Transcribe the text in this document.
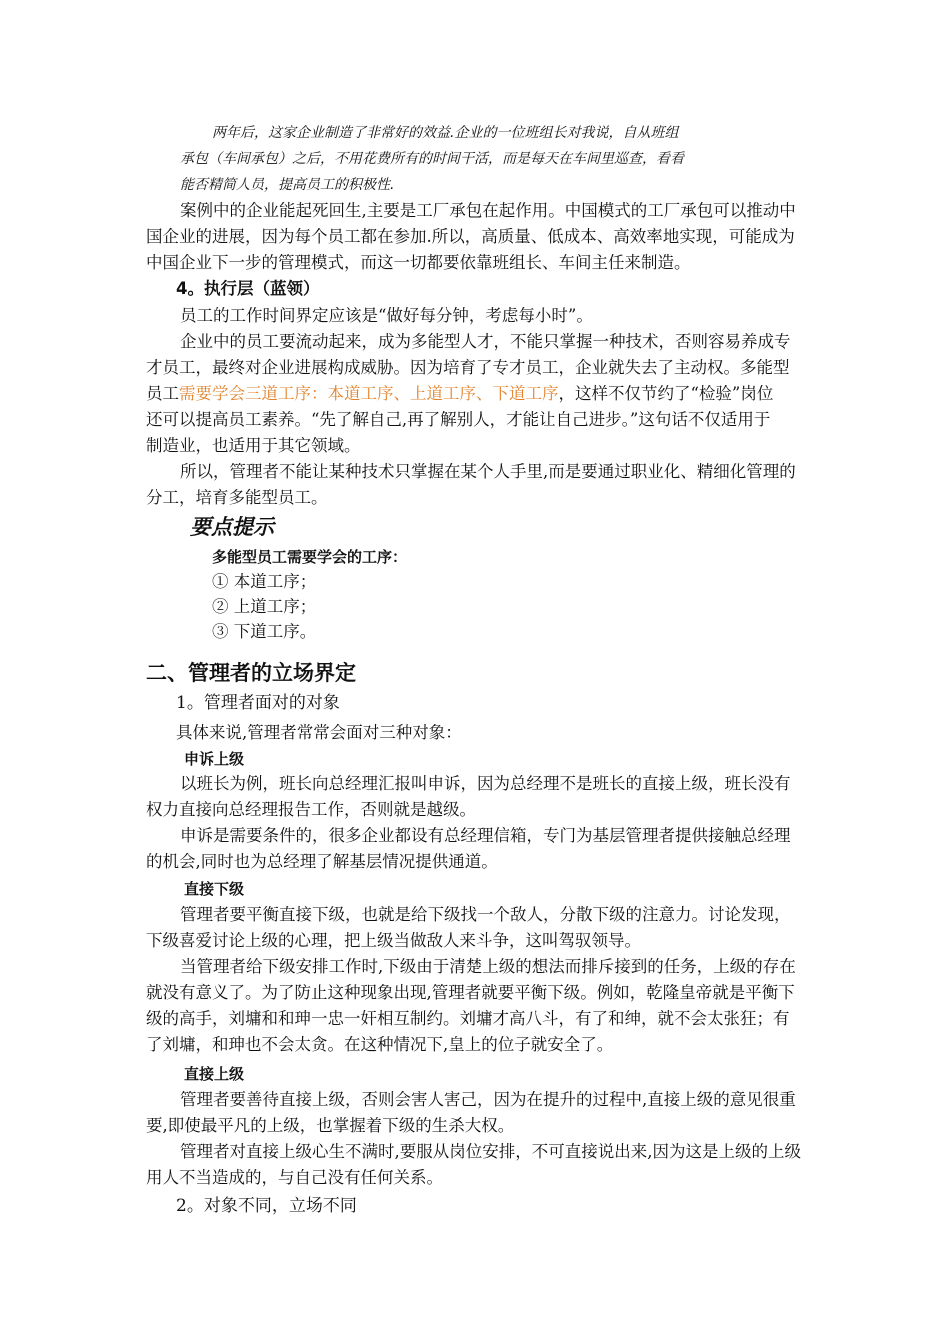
两年后，这家企业制造了非常好的效益.企业的一位班组长对我说，自从班组
承包（车间承包）之后，不用花费所有的时间干活，而是每天在车间里巡查，看看
能否精简人员，提高员工的积极性.
案例中的企业能起死回生,主要是工厂承包在起作用。中国模式的工厂承包可以推动中
国企业的进展，因为每个员工都在参加.所以，高质量、低成本、高效率地实现，可能成为
中国企业下一步的管理模式，而这一切都要依靠班组长、车间主任来制造。
4。执行层（蓝领）
员工的工作时间界定应该是“做好每分钟，考虑每小时”。
企业中的员工要流动起来，成为多能型人才，不能只掌握一种技术，否则容易养成专
才员工，最终对企业进展构成威胁。因为培育了专才员工，企业就失去了主动权。多能型
员工需要学会三道工序：本道工序、上道工序、下道工序，这样不仅节约了“检验”岗位
还可以提高员工素养。“先了解自己,再了解别人，才能让自己进步。”这句话不仅适用于
制造业，也适用于其它领域。
所以，管理者不能让某种技术只掌握在某个人手里,而是要通过职业化、精细化管理的
分工，培育多能型员工。
要点提示
多能型员工需要学会的工序：
① 本道工序；
② 上道工序；
③ 下道工序。
二、管理者的立场界定
1。管理者面对的对象
具体来说,管理者常常会面对三种对象：
申诉上级
以班长为例，班长向总经理汇报叫申诉，因为总经理不是班长的直接上级，班长没有
权力直接向总经理报告工作，否则就是越级。
申诉是需要条件的，很多企业都设有总经理信箱，专门为基层管理者提供接触总经理
的机会,同时也为总经理了解基层情况提供通道。
直接下级
管理者要平衡直接下级，也就是给下级找一个敌人，分散下级的注意力。讨论发现，
下级喜爱讨论上级的心理，把上级当做敌人来斗争，这叫驾驭领导。
当管理者给下级安排工作时,下级由于清楚上级的想法而排斥接到的任务，上级的存在
就没有意义了。为了防止这种现象出现,管理者就要平衡下级。例如，乾隆皇帝就是平衡下
级的高手，刘墉和和珅一忠一奸相互制约。刘墉才高八斗，有了和绅，就不会太张狂；有
了刘墉，和珅也不会太贪。在这种情况下,皇上的位子就安全了。
直接上级
管理者要善待直接上级，否则会害人害己，因为在提升的过程中,直接上级的意见很重
要,即使最平凡的上级，也掌握着下级的生杀大权。
管理者对直接上级心生不满时,要服从岗位安排，不可直接说出来,因为这是上级的上级
用人不当造成的，与自己没有任何关系。
2。对象不同，立场不同
